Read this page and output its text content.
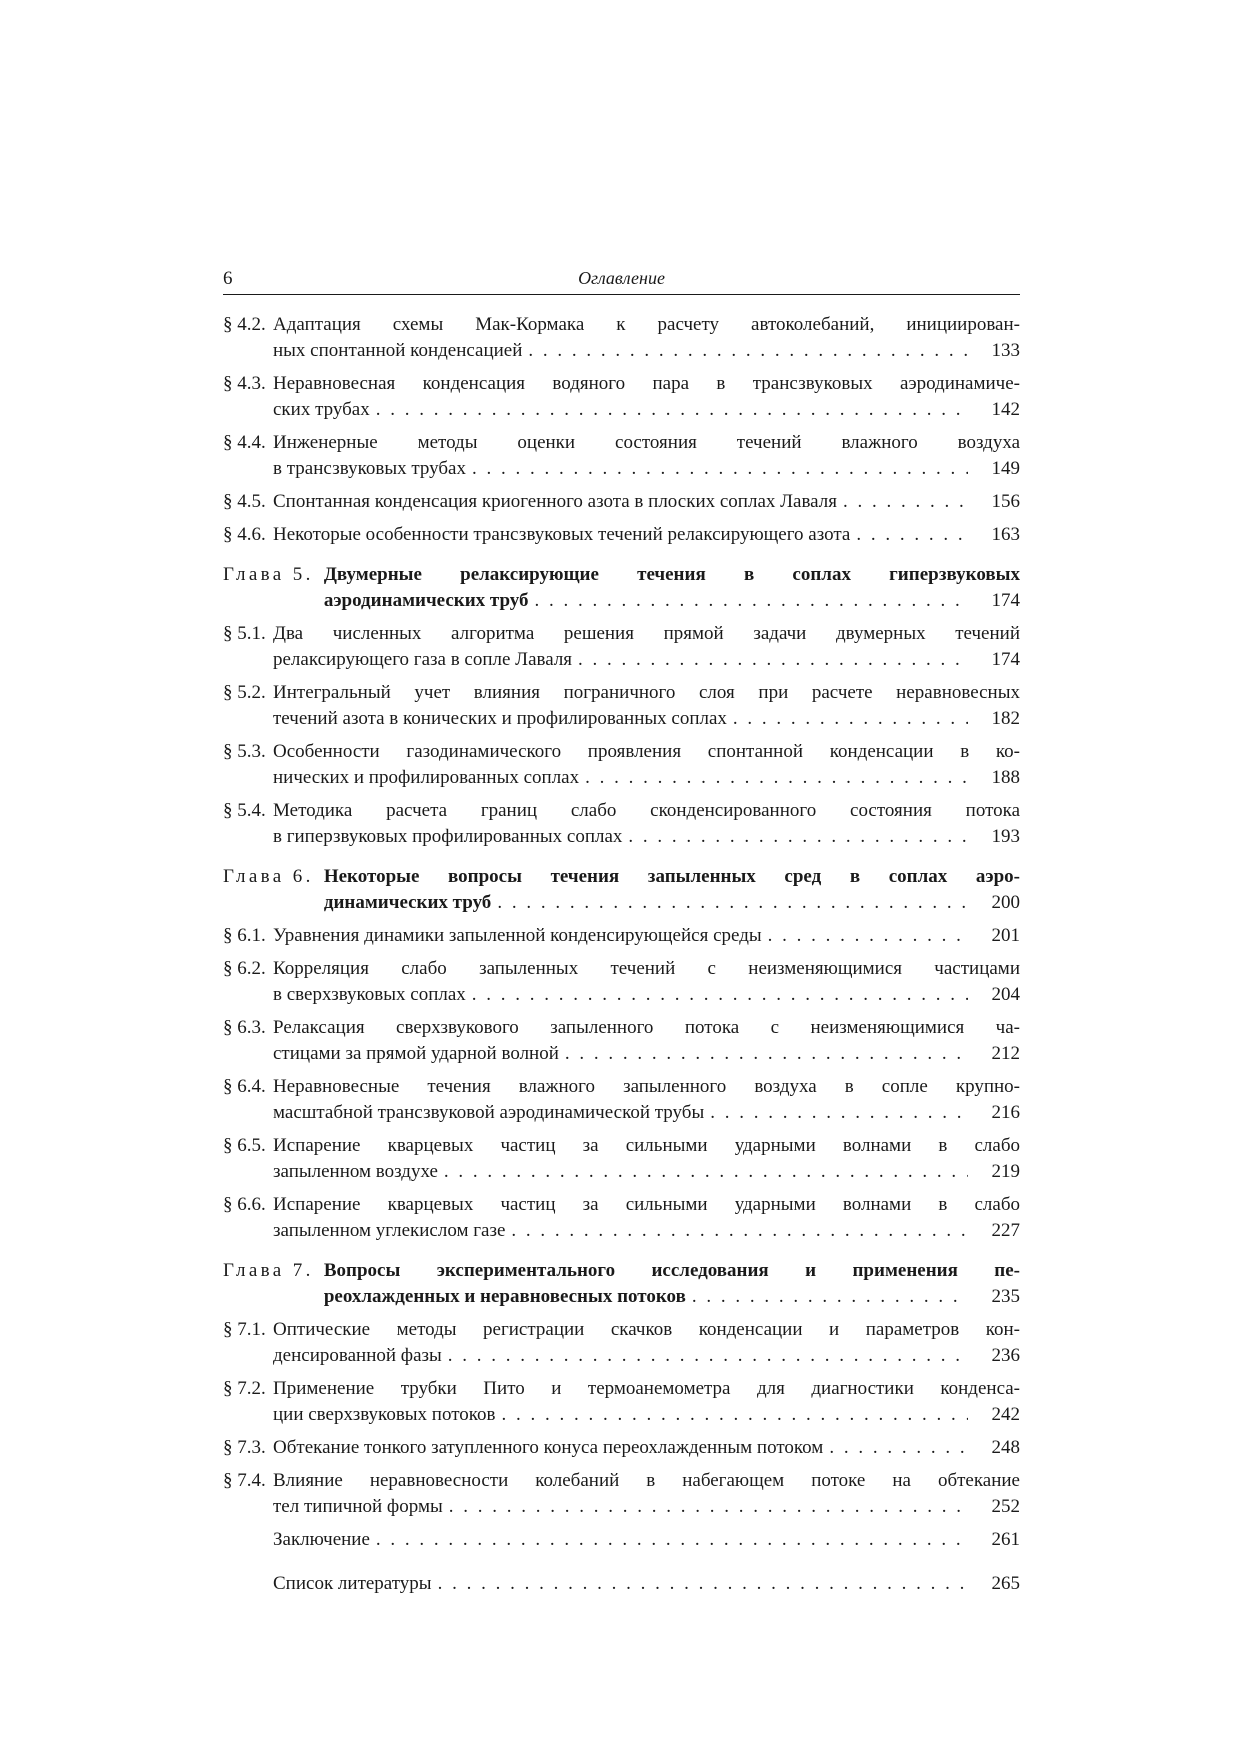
6	Оглавление
§ 4.2. Адаптация схемы Мак-Кормака к расчету автоколебаний, инициирован-
ных спонтанной конденсацией . . .	133
§ 4.3. Неравновесная конденсация водяного пара в трансзвуковых аэродинамиче-
ских трубах . . .	142
§ 4.4. Инженерные методы оценки состояния течений влажного воздуха
в трансзвуковых трубах . . .	149
§ 4.5. Спонтанная конденсация криогенного азота в плоских соплах Лаваля . . .	156
§ 4.6. Некоторые особенности трансзвуковых течений релаксирующего азота . . .	163
Глава 5. Двумерные релаксирующие течения в соплах гиперзвуковых
аэродинамических труб . . .	174
§ 5.1. Два численных алгоритма решения прямой задачи двумерных течений
релаксирующего газа в сопле Лаваля . . .	174
§ 5.2. Интегральный учет влияния пограничного слоя при расчете неравновесных
течений азота в конических и профилированных соплах . . .	182
§ 5.3. Особенности газодинамического проявления спонтанной конденсации в ко-
нических и профилированных соплах . . .	188
§ 5.4. Методика расчета границ слабо сконденсированного состояния потока
в гиперзвуковых профилированных соплах . . .	193
Глава 6. Некоторые вопросы течения запыленных сред в соплах аэро-
динамических труб . . .	200
§ 6.1. Уравнения динамики запыленной конденсирующейся среды . . .	201
§ 6.2. Корреляция слабо запыленных течений с неизменяющимися частицами
в сверхзвуковых соплах . . .	204
§ 6.3. Релаксация сверхзвукового запыленного потока с неизменяющимися ча-
стицами за прямой ударной волной . . .	212
§ 6.4. Неравновесные течения влажного запыленного воздуха в сопле крупно-
масштабной трансзвуковой аэродинамической трубы . . .	216
§ 6.5. Испарение кварцевых частиц за сильными ударными волнами в слабо
запыленном воздухе . . .	219
§ 6.6. Испарение кварцевых частиц за сильными ударными волнами в слабо
запыленном углекислом газе . . .	227
Глава 7. Вопросы экспериментального исследования и применения пе-
реохлажденных и неравновесных потоков . . .	235
§ 7.1. Оптические методы регистрации скачков конденсации и параметров кон-
денсированной фазы . . .	236
§ 7.2. Применение трубки Пито и термоанемометра для диагностики конденса-
ции сверхзвуковых потоков . . .	242
§ 7.3. Обтекание тонкого затупленного конуса переохлажденным потоком . . .	248
§ 7.4. Влияние неравновесности колебаний в набегающем потоке на обтекание
тел типичной формы . . .	252
Заключение . . .	261
Список литературы . . .	265
